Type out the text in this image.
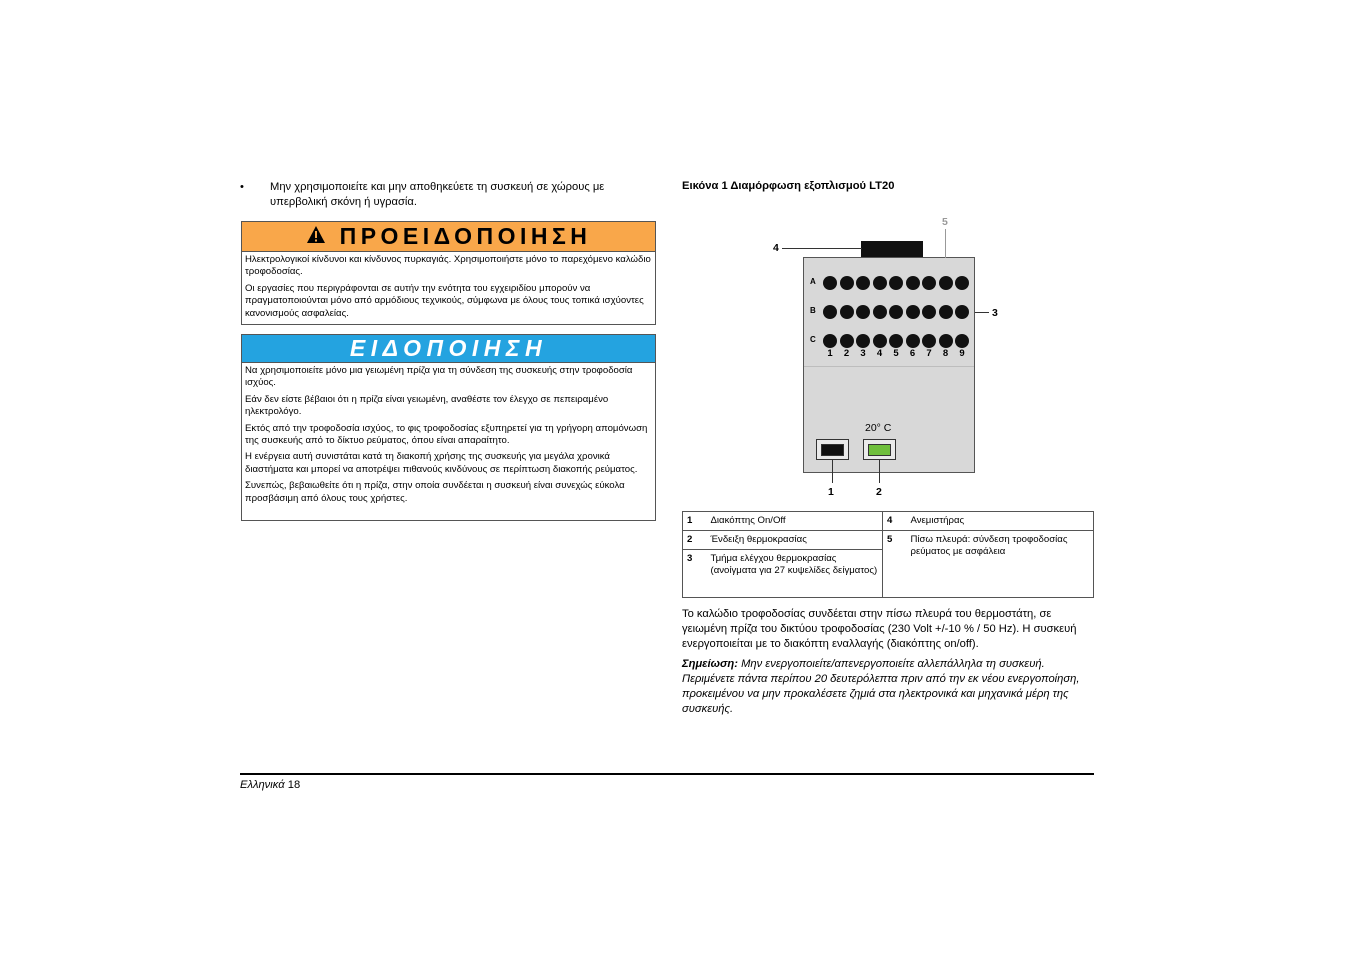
• Μην χρησιμοποιείτε και μην αποθηκεύετε τη συσκευή σε χώρους με υπερβολική σκόνη ή υγρασία.
ΠΡΟΕΙΔΟΠΟΙΗΣΗ

Ηλεκτρολογικοί κίνδυνοι και κίνδυνος πυρκαγιάς. Χρησιμοποιήστε μόνο το παρεχόμενο καλώδιο τροφοδοσίας.

Οι εργασίες που περιγράφονται σε αυτήν την ενότητα του εγχειριδίου μπορούν να πραγματοποιούνται μόνο από αρμόδιους τεχνικούς, σύμφωνα με όλους τους τοπικά ισχύοντες κανονισμούς ασφαλείας.

ΕΙΔΟΠΟΙΗΣΗ

Να χρησιμοποιείτε μόνο μια γειωμένη πρίζα για τη σύνδεση της συσκευής στην τροφοδοσία ισχύος.

Εάν δεν είστε βέβαιοι ότι η πρίζα είναι γειωμένη, αναθέστε τον έλεγχο σε πεπειραμένο ηλεκτρολόγο.

Εκτός από την τροφοδοσία ισχύος, το φις τροφοδοσίας εξυπηρετεί για τη γρήγορη απομόνωση της συσκευής από το δίκτυο ρεύματος, όπου είναι απαραίτητο.

Η ενέργεια αυτή συνιστάται κατά τη διακοπή χρήσης της συσκευής για μεγάλα χρονικά διαστήματα και μπορεί να αποτρέψει πιθανούς κινδύνους σε περίπτωση διακοπής ρεύματος.

Συνεπώς, βεβαιωθείτε ότι η πρίζα, στην οποία συνδέεται η συσκευή είναι συνεχώς εύκολα προσβάσιμη από όλους τους χρήστες.

Εικόνα 1 Διαμόρφωση εξοπλισμού LT20
A
B
C
1	2	3	4	5	6	7	8	9
20° C
4
5
3
1	2
1	Διακόπτης On/Off	4	Ανεμιστήρας
2	Ένδειξη θερμοκρασίας	5	Πίσω πλευρά: σύνδεση τροφοδοσίας ρεύματος με ασφάλεια
3	Τμήμα ελέγχου θερμοκρασίας (ανοίγματα για 27 κυψελίδες δείγματος)		
Το καλώδιο τροφοδοσίας συνδέεται στην πίσω πλευρά του θερμοστάτη, σε γειωμένη πρίζα του δικτύου τροφοδοσίας (230 Volt +/-10 % / 50 Hz). Η συσκευή ενεργοποιείται με το διακόπτη εναλλαγής (διακόπτης on/off).
Σημείωση: Μην ενεργοποιείτε/απενεργοποιείτε αλλεπάλληλα τη συσκευή. Περιμένετε πάντα περίπου 20 δευτερόλεπτα πριν από την εκ νέου ενεργοποίηση, προκειμένου να μην προκαλέσετε ζημιά στα ηλεκτρονικά και μηχανικά μέρη της συσκευής.
Ελληνικά 18
